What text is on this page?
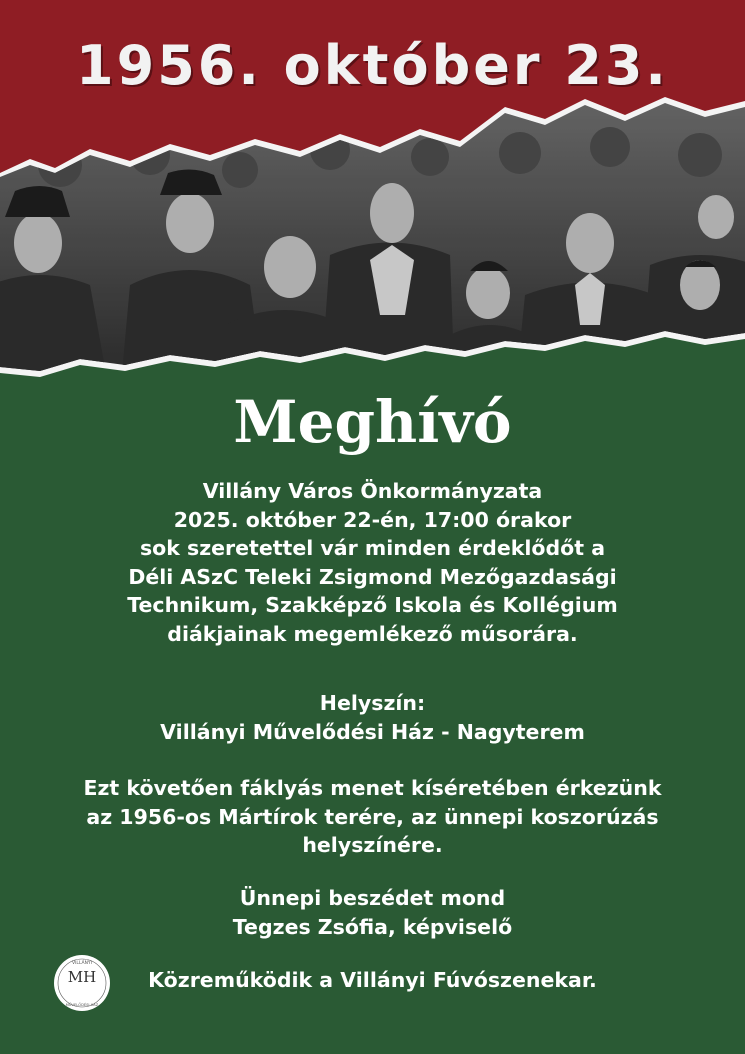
1956. október 23.
Meghívó
Villány Város Önkormányzata
2025. október 22-én, 17:00 órakor
sok szeretettel vár minden érdeklődőt a
Déli ASzC Teleki Zsigmond Mezőgazdasági
Technikum, Szakképző Iskola és Kollégium
diákjainak megemlékező műsorára.
Helyszín:
Villányi Művelődési Ház - Nagyterem
Ezt követően fáklyás menet kíséretében érkezünk
az 1956-os Mártírok terére, az ünnepi koszorúzás
helyszínére.
Ünnepi beszédet mond
Tegzes Zsófia, képviselő
Közreműködik a Villányi Fúvószenekar.
MH
VILLÁNYI
MŰVELŐDÉSI HÁZ
